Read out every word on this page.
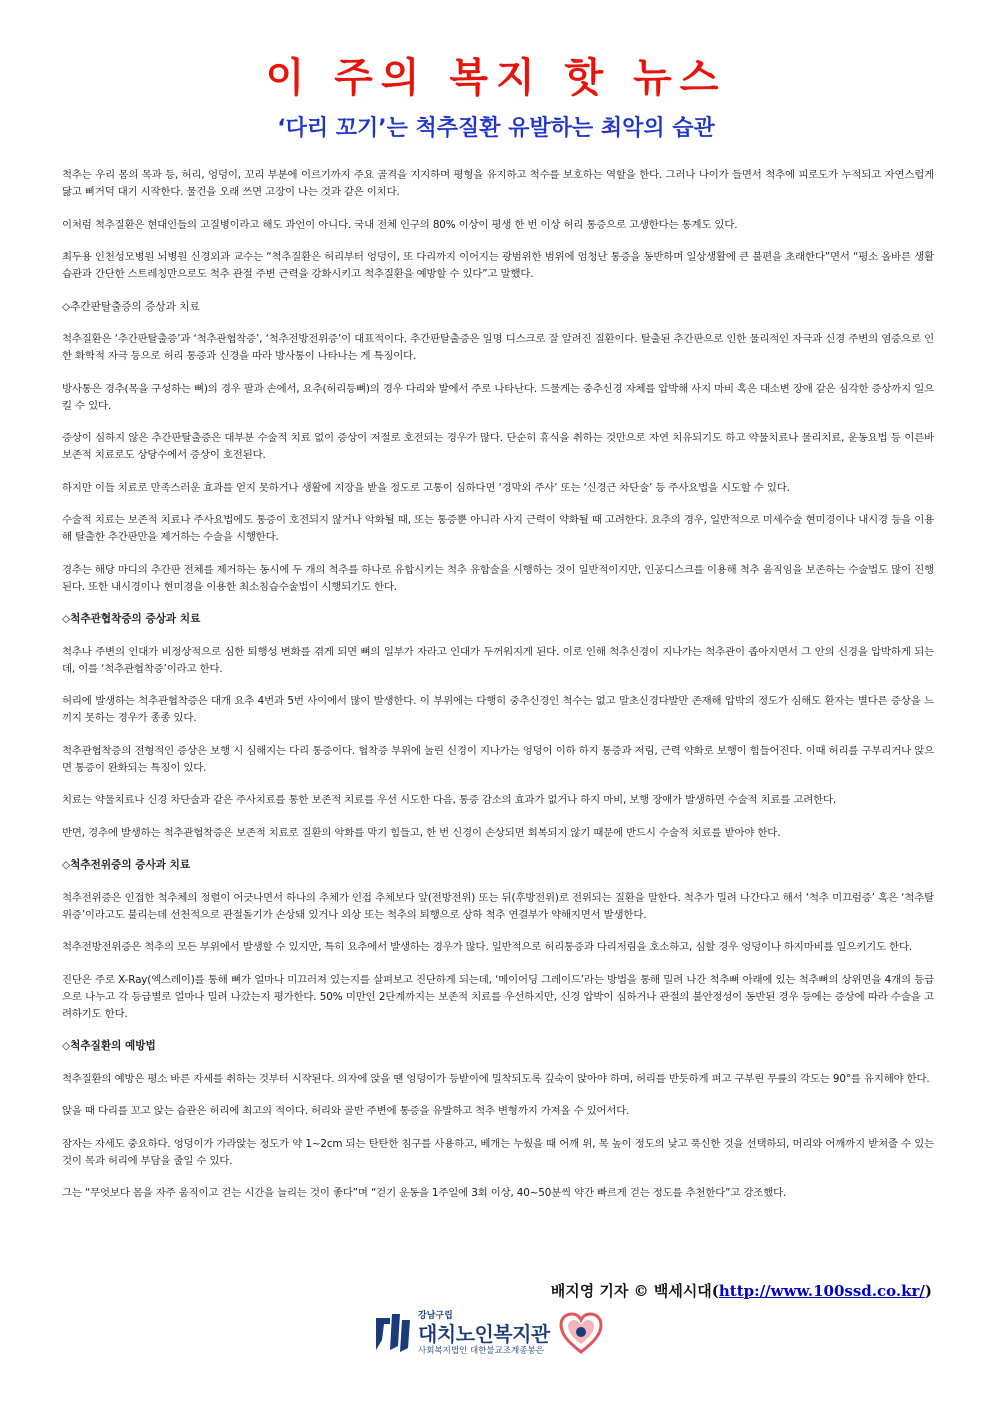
이 주의 복지 핫 뉴스
‘다리 꼬기’는 척추질환 유발하는 최악의 습관

척추는 우리 몸의 목과 등, 허리, 엉덩이, 꼬리 부분에 이르기까지 주요 골격을 지지하며 평형을 유지하고 척수를 보호하는 역할을 한다. 그러나 나이가 들면서 척추에 피로도가 누적되고 자연스럽게 닳고 삐거덕 대기 시작한다. 물건을 오래 쓰면 고장이 나는 것과 같은 이치다.

이처럼 척추질환은 현대인들의 고질병이라고 해도 과언이 아니다. 국내 전체 인구의 80% 이상이 평생 한 번 이상 허리 통증으로 고생한다는 통계도 있다.

최두용 인천성모병원 뇌병원 신경외과 교수는 “척추질환은 허리부터 엉덩이, 또 다리까지 이어지는 광범위한 범위에 엄청난 통증을 동반하며 일상생활에 큰 불편을 초래한다”면서 “평소 올바른 생활습관과 간단한 스트레칭만으로도 척추 관절 주변 근력을 강화시키고 척추질환을 예방할 수 있다”고 말했다.

◇추간판탈출증의 증상과 치료

척추질환은 ‘추간판탈출증’과 ‘척추관협착증’, ‘척추전방전위증’이 대표적이다. 추간판탈출증은 일명 디스크로 잘 알려진 질환이다. 탈출된 추간판으로 인한 물리적인 자극과 신경 주변의 염증으로 인한 화학적 자극 등으로 허리 통증과 신경을 따라 방사통이 나타나는 게 특징이다.

방사통은 경추(목을 구성하는 뼈)의 경우 팔과 손에서, 요추(허리등뼈)의 경우 다리와 발에서 주로 나타난다. 드물게는 중추신경 자체를 압박해 사지 마비 혹은 대소변 장애 같은 심각한 증상까지 일으킬 수 있다.

증상이 심하지 않은 추간판탈출증은 대부분 수술적 치료 없이 증상이 저절로 호전되는 경우가 많다. 단순히 휴식을 취하는 것만으로 자연 치유되기도 하고 약물치료나 물리치료, 운동요법 등 이른바 보존적 치료로도 상당수에서 증상이 호전된다.

하지만 이들 치료로 만족스러운 효과를 얻지 못하거나 생활에 지장을 받을 정도로 고통이 심하다면 ‘경막외 주사’ 또는 ‘신경근 차단술’ 등 주사요법을 시도할 수 있다.

수술적 치료는 보존적 치료나 주사요법에도 통증이 호전되지 않거나 악화될 때, 또는 통증뿐 아니라 사지 근력이 약화될 때 고려한다. 요추의 경우, 일반적으로 미세수술 현미경이나 내시경 등을 이용해 탈출한 추간판만을 제거하는 수술을 시행한다.

경추는 해당 마디의 추간판 전체를 제거하는 동시에 두 개의 척추를 하나로 유합시키는 척추 유합술을 시행하는 것이 일반적이지만, 인공디스크를 이용해 척추 움직임을 보존하는 수술법도 많이 진행된다. 또한 내시경이나 현미경을 이용한 최소침습수술법이 시행되기도 한다.

◇척추관협착증의 증상과 치료

척추나 주변의 인대가 비정상적으로 심한 퇴행성 변화를 겪게 되면 뼈의 일부가 자라고 인대가 두꺼워지게 된다. 이로 인해 척추신경이 지나가는 척추관이 좁아지면서 그 안의 신경을 압박하게 되는데, 이를 ‘척추관협착증’이라고 한다.

허리에 발생하는 척추관협착증은 대개 요추 4번과 5번 사이에서 많이 발생한다. 이 부위에는 다행히 중추신경인 척수는 없고 말초신경다발만 존재해 압박의 정도가 심해도 환자는 별다른 증상을 느끼지 못하는 경우가 종종 있다.

척추관협착증의 전형적인 증상은 보행 시 심해지는 다리 통증이다. 협착증 부위에 눌린 신경이 지나가는 엉덩이 이하 하지 통증과 저림, 근력 약화로 보행이 힘들어진다. 이때 허리를 구부리거나 앉으면 통증이 완화되는 특징이 있다.

치료는 약물치료나 신경 차단술과 같은 주사치료를 통한 보존적 치료를 우선 시도한 다음, 통증 감소의 효과가 없거나 하지 마비, 보행 장애가 발생하면 수술적 치료를 고려한다.

반면, 경추에 발생하는 척추관협착증은 보존적 치료로 질환의 악화를 막기 힘들고, 한 번 신경이 손상되면 회복되지 않기 때문에 반드시 수술적 치료를 받아야 한다.

◇척추전위증의 증사과 치료

척추전위증은 인접한 척추체의 정렬이 어긋나면서 하나의 추체가 인접 추체보다 앞(전방전위) 또는 뒤(후방전위)로 전위되는 질환을 말한다. 척추가 밀려 나간다고 해서 ‘척추 미끄럼증’ 혹은 ‘척추탈위증’이라고도 불리는데 선천적으로 관절돌기가 손상돼 있거나 외상 또는 척추의 퇴행으로 상하 척추 연결부가 약해지면서 발생한다.

척추전방전위증은 척추의 모든 부위에서 발생할 수 있지만, 특히 요추에서 발생하는 경우가 많다. 일반적으로 허리통증과 다리저림을 호소하고, 심할 경우 엉덩이나 하지마비를 일으키기도 한다.

진단은 주로 X-Ray(엑스레이)를 통해 뼈가 얼마나 미끄러져 있는지를 살펴보고 진단하게 되는데, ‘메이어딩 그레이드’라는 방법을 통해 밀려 나간 척추뼈 아래에 있는 척추뼈의 상위면을 4개의 등급으로 나누고 각 등급별로 얼마나 밀려 나갔는지 평가한다. 50% 미만인 2단계까지는 보존적 치료를 우선하지만, 신경 압박이 심하거나 관절의 불안정성이 동반된 경우 등에는 증상에 따라 수술을 고려하기도 한다.

◇척추질환의 예방법

척추질환의 예방은 평소 바른 자세를 취하는 것부터 시작된다. 의자에 앉을 땐 엉덩이가 등받이에 밀착되도록 깊숙이 앉아야 하며, 허리를 반듯하게 펴고 구부린 무릎의 각도는 90°를 유지해야 한다.

앉을 때 다리를 꼬고 앉는 습관은 허리에 최고의 적이다. 허리와 골반 주변에 통증을 유발하고 척추 변형까지 가져올 수 있어서다.

잠자는 자세도 중요하다. 엉덩이가 가라앉는 정도가 약 1~2cm 되는 탄탄한 침구를 사용하고, 베개는 누웠을 때 어깨 위, 목 높이 정도의 낮고 푹신한 것을 선택하되, 머리와 어깨까지 받쳐줄 수 있는 것이 목과 허리에 부담을 줄일 수 있다.

그는 “무엇보다 몸을 자주 움직이고 걷는 시간을 늘리는 것이 좋다”며 “걷기 운동을 1주일에 3회 이상, 40~50분씩 약간 빠르게 걷는 정도를 추천한다”고 강조했다.

배지영 기자 © 백세시대(http://www.100ssd.co.kr/)
강남구립
대치노인복지관
사회복지법인 대한불교조계종봉은
